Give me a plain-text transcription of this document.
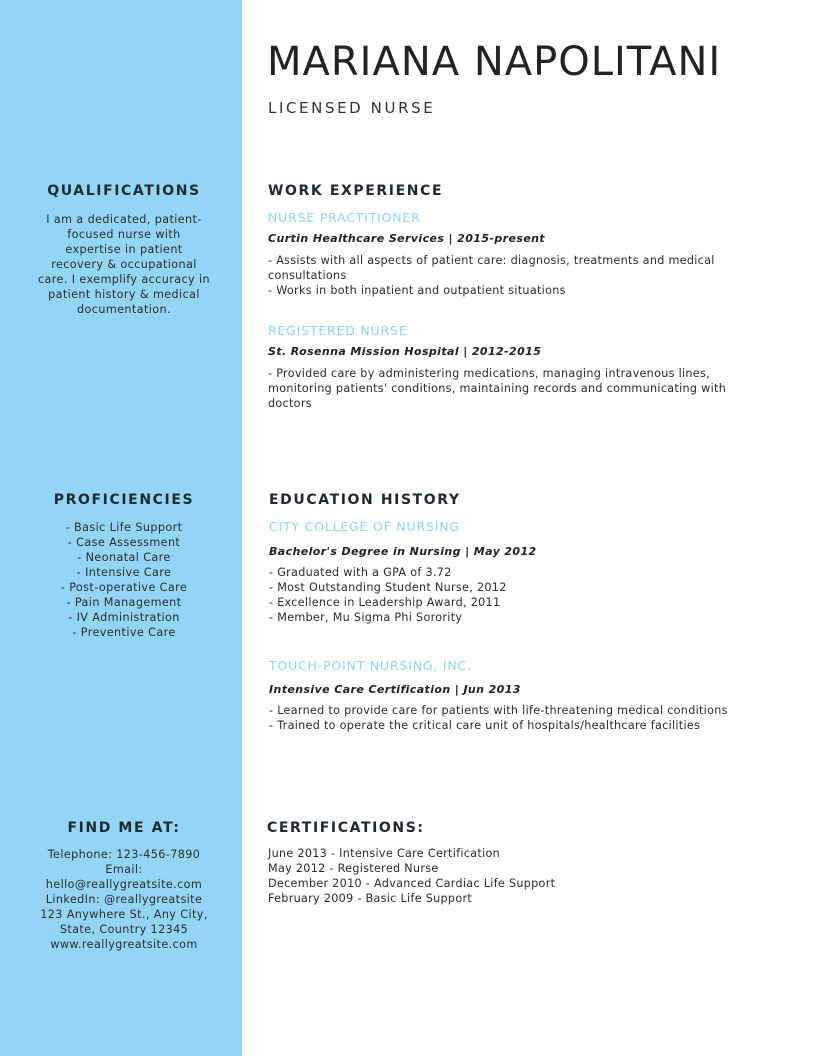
MARIANA NAPOLITANI
LICENSED NURSE
QUALIFICATIONS

I am a dedicated, patient-
focused nurse with
expertise in patient
recovery & occupational
care. I exemplify accuracy in
patient history & medical
documentation.

PROFICIENCIES
- Basic Life Support
- Case Assessment
- Neonatal Care
- Intensive Care
- Post-operative Care
- Pain Management
- IV Administration
- Preventive Care
FIND ME AT:
Telephone: 123-456-7890
Email:
hello@reallygreatsite.com
LinkedIn: @reallygreatsite
123 Anywhere St., Any City,
State, Country 12345
www.reallygreatsite.com
WORK EXPERIENCE
NURSE PRACTITIONER
Curtin Healthcare Services | 2015-present
- Assists with all aspects of patient care: diagnosis, treatments and medical
consultations
- Works in both inpatient and outpatient situations
REGISTERED NURSE
St. Rosenna Mission Hospital | 2012-2015
- Provided care by administering medications, managing intravenous lines,
monitoring patients' conditions, maintaining records and communicating with
doctors
EDUCATION HISTORY
CITY COLLEGE OF NURSING
Bachelor's Degree in Nursing | May 2012
- Graduated with a GPA of 3.72
- Most Outstanding Student Nurse, 2012
- Excellence in Leadership Award, 2011
- Member, Mu Sigma Phi Sorority
TOUCH-POINT NURSING, INC.
Intensive Care Certification | Jun 2013
- Learned to provide care for patients with life-threatening medical conditions
- Trained to operate the critical care unit of hospitals/healthcare facilities
CERTIFICATIONS:
June 2013 - Intensive Care Certification
May 2012 - Registered Nurse
December 2010 - Advanced Cardiac Life Support
February 2009 - Basic Life Support
